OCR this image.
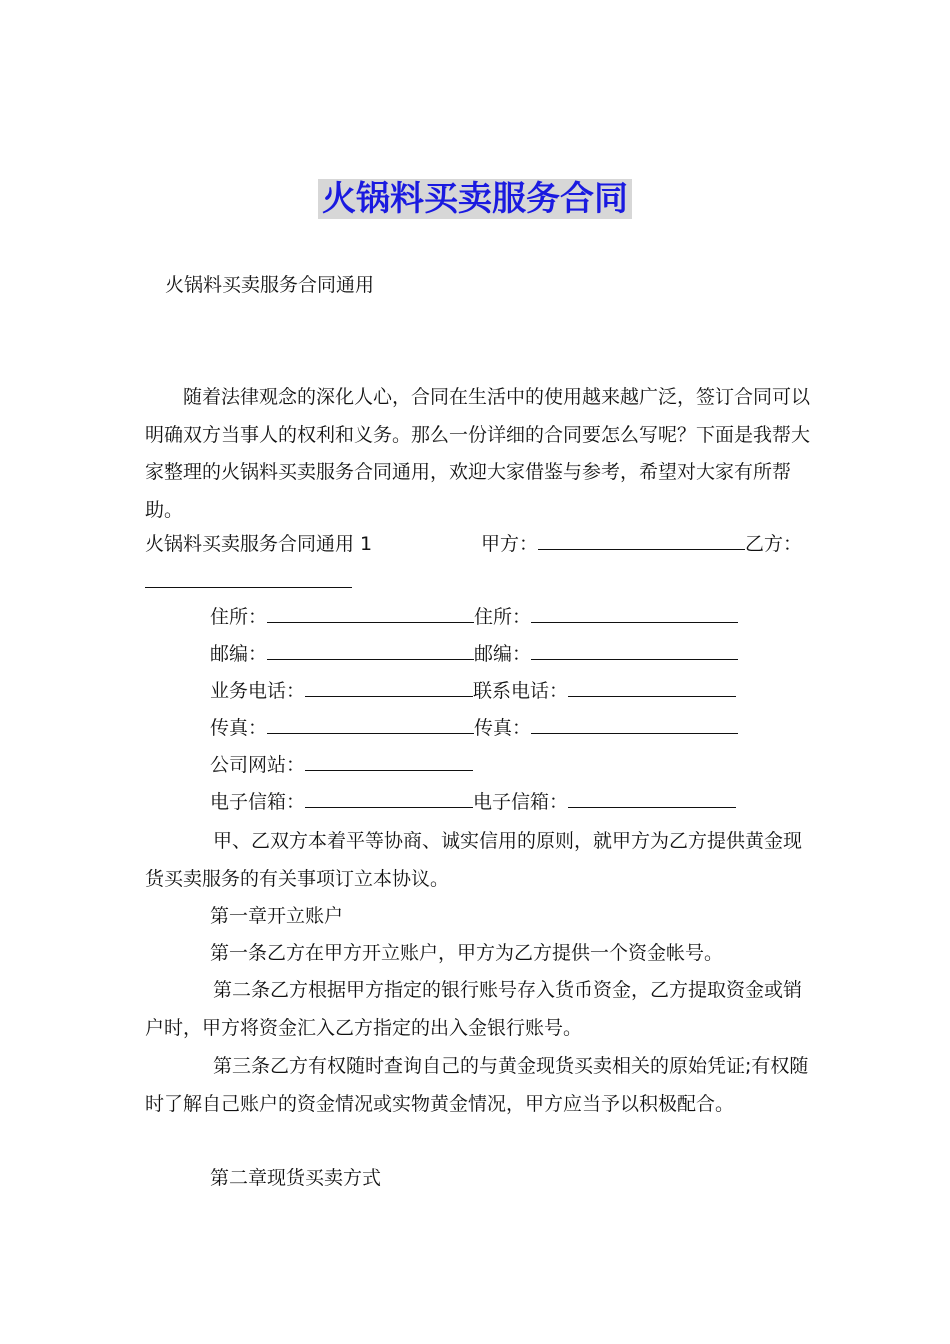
火锅料买卖服务合同
火锅料买卖服务合同通用

随着法律观念的深化人心，合同在生活中的使用越来越广泛，签订合同可以明确双方当事人的权利和义务。那么一份详细的合同要怎么写呢？下面是我帮大家整理的火锅料买卖服务合同通用，欢迎大家借鉴与参考，希望对大家有所帮助。

火锅料买卖服务合同通用 1	甲方：	乙方：
住所：	住所：
邮编：	邮编：
业务电话：	联系电话：
传真：	传真：
公司网站：
电子信箱：	电子信箱：

甲、乙双方本着平等协商、诚实信用的原则，就甲方为乙方提供黄金现货买卖服务的有关事项订立本协议。

第一章开立账户

第一条乙方在甲方开立账户，甲方为乙方提供一个资金帐号。

第二条乙方根据甲方指定的银行账号存入货币资金，乙方提取资金或销户时，甲方将资金汇入乙方指定的出入金银行账号。

第三条乙方有权随时查询自己的与黄金现货买卖相关的原始凭证;有权随时了解自己账户的资金情况或实物黄金情况，甲方应当予以积极配合。

第二章现货买卖方式
